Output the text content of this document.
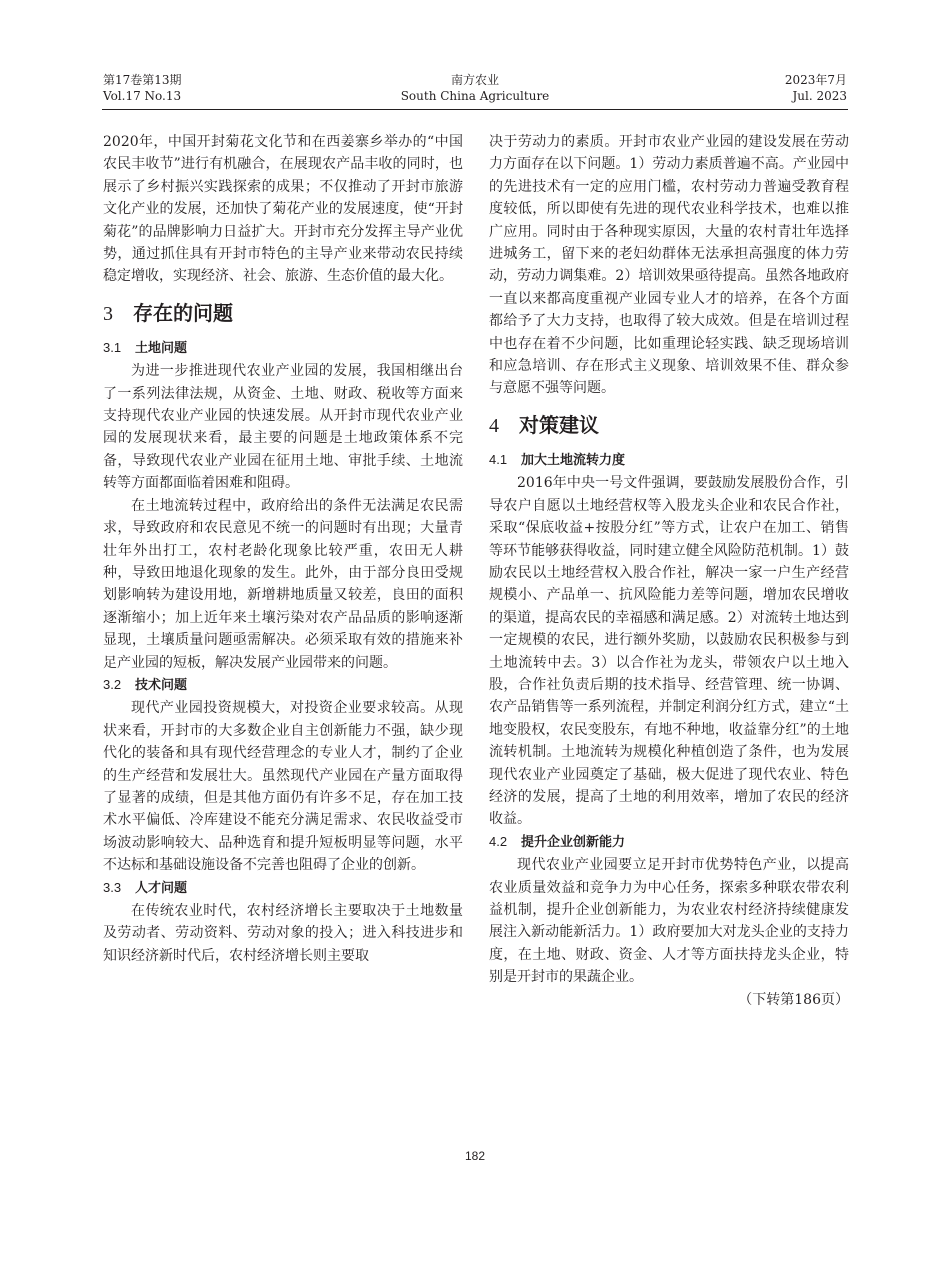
第17卷第13期
Vol.17 No.13
南方农业
South China Agriculture
2023年7月
Jul. 2023

2020年，中国开封菊花文化节和在西姜寨乡举办的“中国农民丰收节”进行有机融合，在展现农产品丰收的同时，也展示了乡村振兴实践探索的成果；不仅推动了开封市旅游文化产业的发展，还加快了菊花产业的发展速度，使“开封菊花”的品牌影响力日益扩大。开封市充分发挥主导产业优势，通过抓住具有开封市特色的主导产业来带动农民持续稳定增收，实现经济、社会、旅游、生态价值的最大化。

3 存在的问题
3.1 土地问题

为进一步推进现代农业产业园的发展，我国相继出台了一系列法律法规，从资金、土地、财政、税收等方面来支持现代农业产业园的快速发展。从开封市现代农业产业园的发展现状来看，最主要的问题是土地政策体系不完备，导致现代农业产业园在征用土地、审批手续、土地流转等方面都面临着困难和阻碍。

在土地流转过程中，政府给出的条件无法满足农民需求，导致政府和农民意见不统一的问题时有出现；大量青壮年外出打工，农村老龄化现象比较严重，农田无人耕种，导致田地退化现象的发生。此外，由于部分良田受规划影响转为建设用地，新增耕地质量又较差，良田的面积逐渐缩小；加上近年来土壤污染对农产品品质的影响逐渐显现，土壤质量问题亟需解决。必须采取有效的措施来补足产业园的短板，解决发展产业园带来的问题。

3.2 技术问题

现代产业园投资规模大，对投资企业要求较高。从现状来看，开封市的大多数企业自主创新能力不强，缺少现代化的装备和具有现代经营理念的专业人才，制约了企业的生产经营和发展壮大。虽然现代产业园在产量方面取得了显著的成绩，但是其他方面仍有许多不足，存在加工技术水平偏低、冷库建设不能充分满足需求、农民收益受市场波动影响较大、品种选育和提升短板明显等问题，水平不达标和基础设施设备不完善也阻碍了企业的创新。

3.3 人才问题

在传统农业时代，农村经济增长主要取决于土地数量及劳动者、劳动资料、劳动对象的投入；进入科技进步和知识经济新时代后，农村经济增长则主要取

决于劳动力的素质。开封市农业产业园的建设发展在劳动力方面存在以下问题。1）劳动力素质普遍不高。产业园中的先进技术有一定的应用门槛，农村劳动力普遍受教育程度较低，所以即使有先进的现代农业科学技术，也难以推广应用。同时由于各种现实原因，大量的农村青壮年选择进城务工，留下来的老妇幼群体无法承担高强度的体力劳动，劳动力调集难。2）培训效果亟待提高。虽然各地政府一直以来都高度重视产业园专业人才的培养，在各个方面都给予了大力支持，也取得了较大成效。但是在培训过程中也存在着不少问题，比如重理论轻实践、缺乏现场培训和应急培训、存在形式主义现象、培训效果不佳、群众参与意愿不强等问题。

4 对策建议
4.1 加大土地流转力度

2016年中央一号文件强调，要鼓励发展股份合作，引导农户自愿以土地经营权等入股龙头企业和农民合作社，采取“保底收益+按股分红”等方式，让农户在加工、销售等环节能够获得收益，同时建立健全风险防范机制。1）鼓励农民以土地经营权入股合作社，解决一家一户生产经营规模小、产品单一、抗风险能力差等问题，增加农民增收的渠道，提高农民的幸福感和满足感。2）对流转土地达到一定规模的农民，进行额外奖励，以鼓励农民积极参与到土地流转中去。3）以合作社为龙头，带领农户以土地入股，合作社负责后期的技术指导、经营管理、统一协调、农产品销售等一系列流程，并制定利润分红方式，建立“土地变股权，农民变股东，有地不种地，收益靠分红”的土地流转机制。土地流转为规模化种植创造了条件，也为发展现代农业产业园奠定了基础，极大促进了现代农业、特色经济的发展，提高了土地的利用效率，增加了农民的经济收益。

4.2 提升企业创新能力

现代农业产业园要立足开封市优势特色产业，以提高农业质量效益和竞争力为中心任务，探索多种联农带农利益机制，提升企业创新能力，为农业农村经济持续健康发展注入新动能新活力。1）政府要加大对龙头企业的支持力度，在土地、财政、资金、人才等方面扶持龙头企业，特别是开封市的果蔬企业。

（下转第186页）

182
